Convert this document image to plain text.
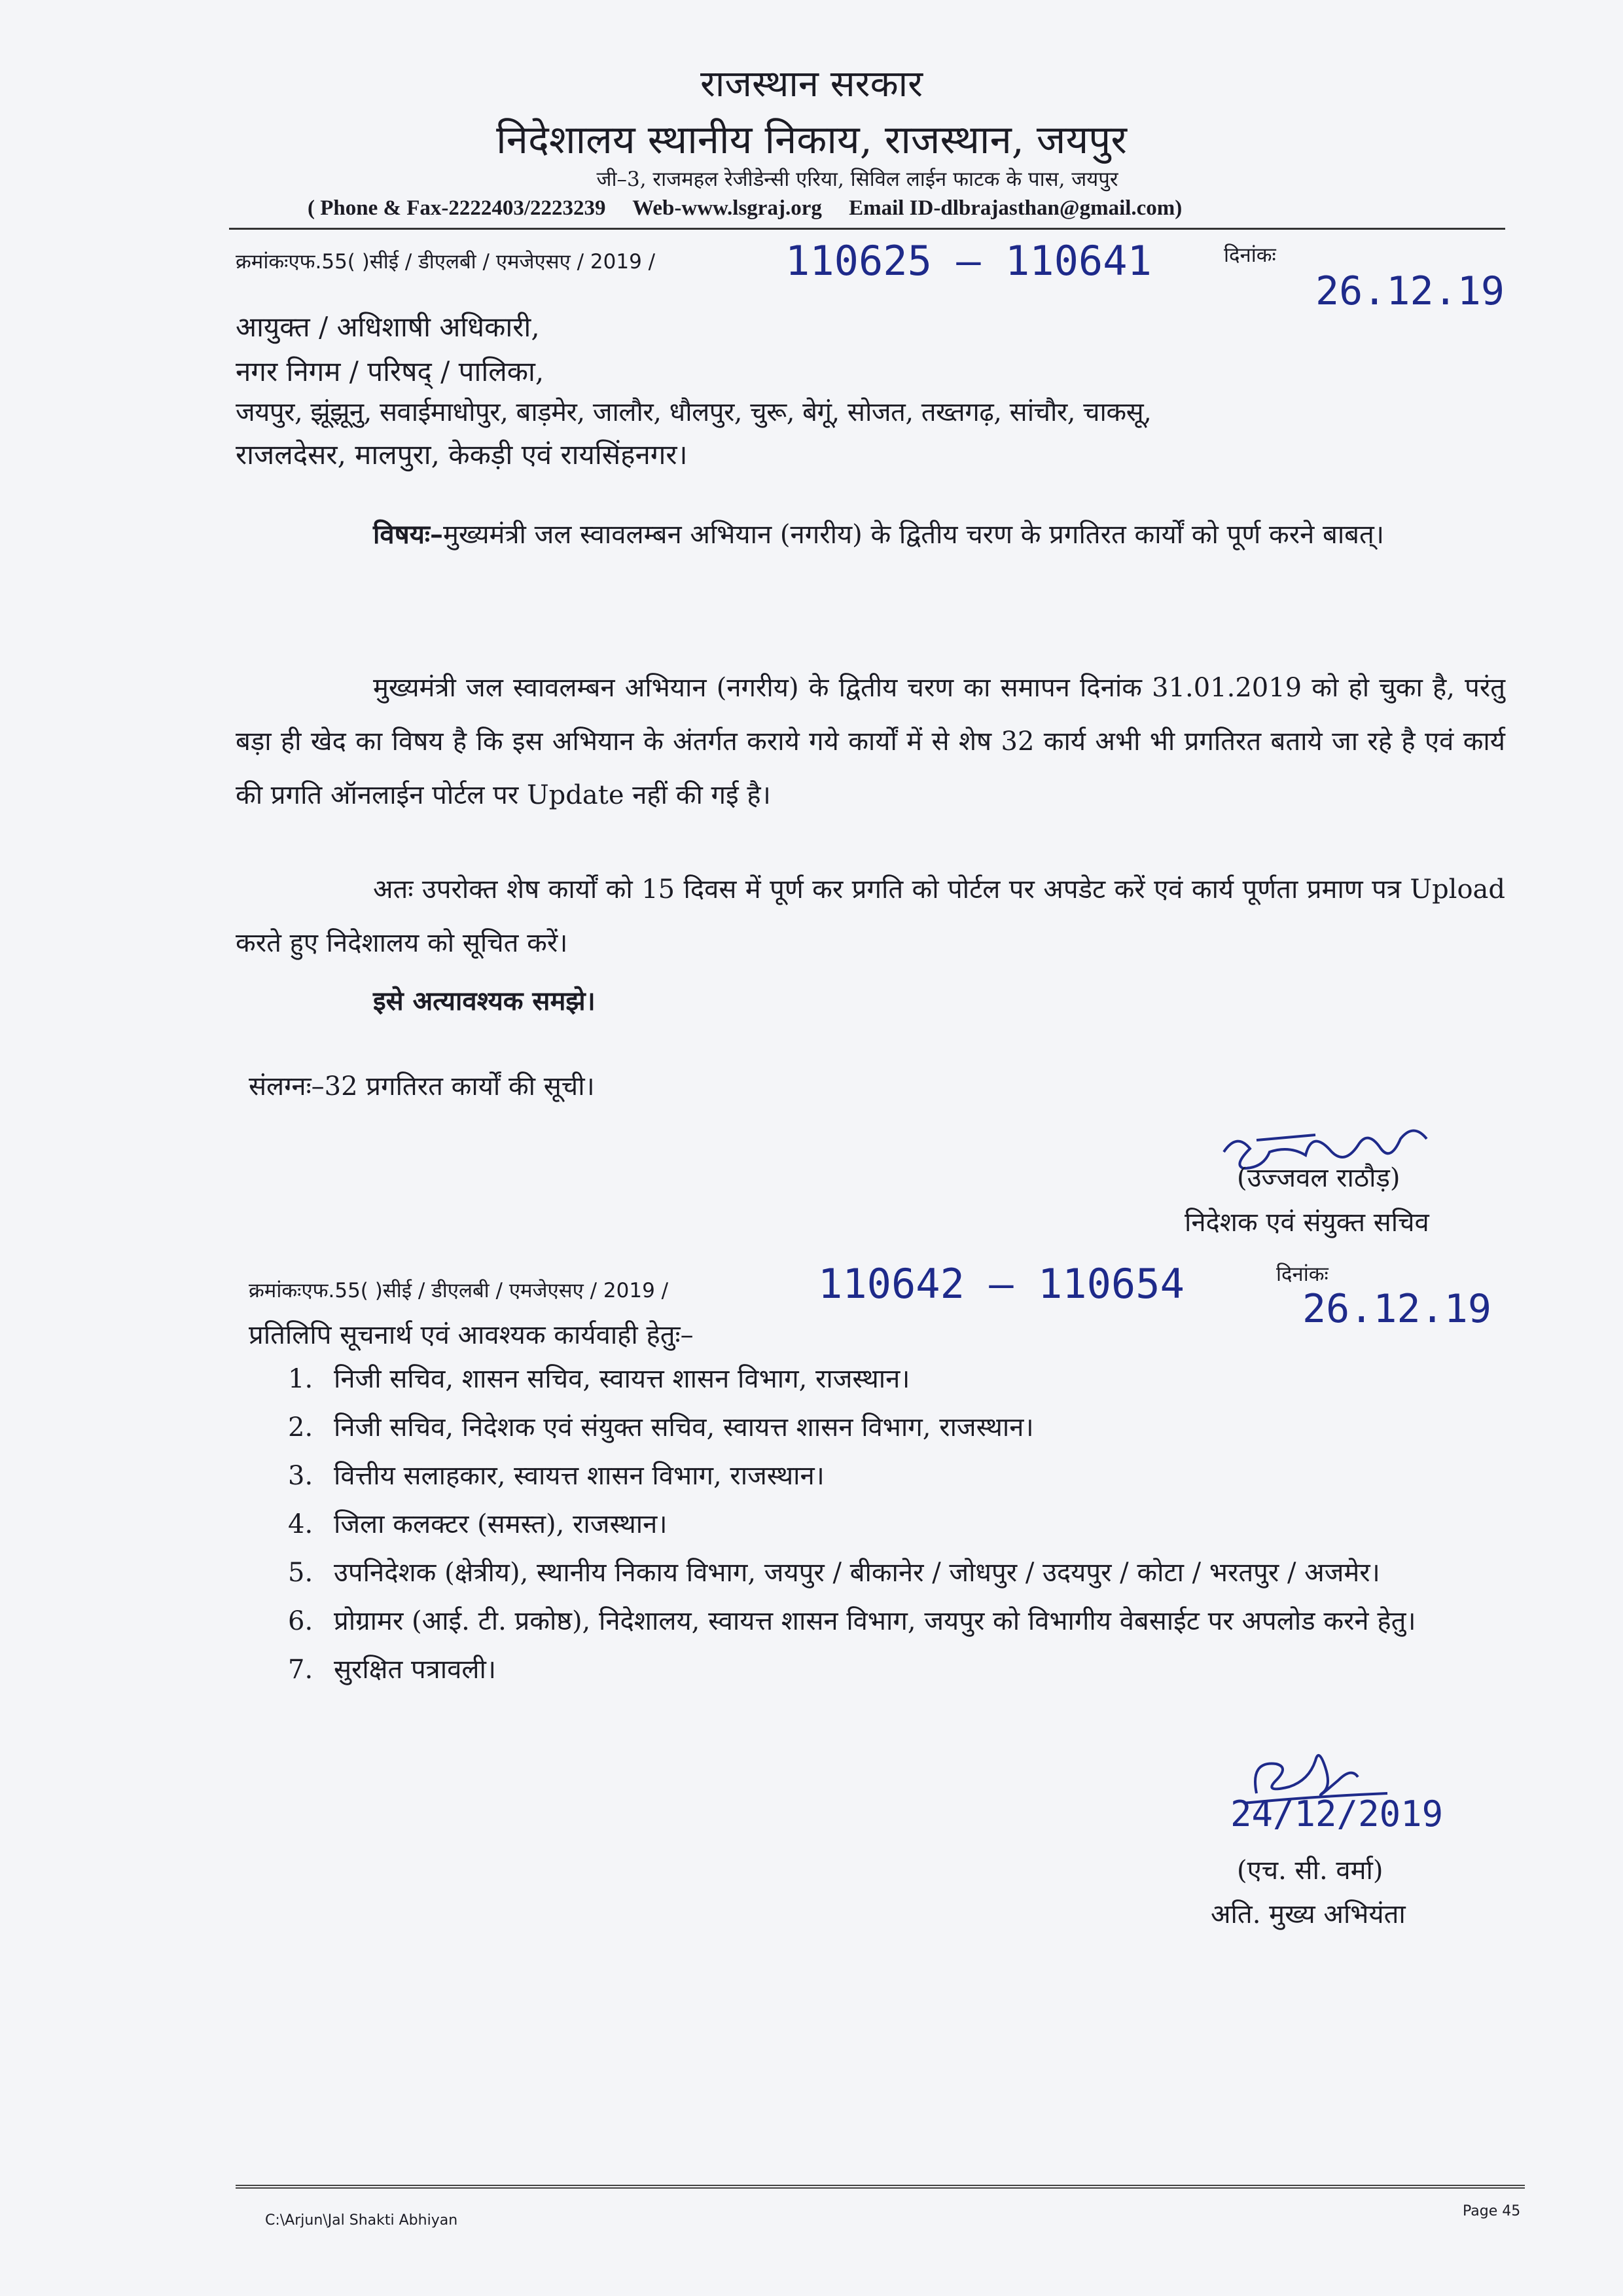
राजस्थान सरकार
निदेशालय स्थानीय निकाय, राजस्थान, जयपुर
जी–3, राजमहल रेजीडेन्सी एरिया, सिविल लाईन फाटक के पास, जयपुर
( Phone & Fax-2222403/2223239     Web-www.lsgraj.org     Email ID-dlbrajasthan@gmail.com)
क्रमांकःएफ.55( )सीई / डीएलबी / एमजेएसए / 2019 /	110625 – 110641	दिनांकः
26.12.19
आयुक्त / अधिशाषी अधिकारी,
नगर निगम / परिषद् / पालिका,
जयपुर, झूंझूनु, सवाईमाधोपुर, बाड़मेर, जालौर, धौलपुर, चुरू, बेगूं, सोजत, तख्तगढ़, सांचौर, चाकसू,
राजलदेसर, मालपुरा, केकड़ी एवं रायसिंहनगर।
विषयः–मुख्यमंत्री जल स्वावलम्बन अभियान (नगरीय) के द्वितीय चरण के प्रगतिरत कार्यों को पूर्ण करने बाबत्।
मुख्यमंत्री जल स्वावलम्बन अभियान (नगरीय) के द्वितीय चरण का समापन दिनांक 31.01.2019 को हो चुका है, परंतु बड़ा ही खेद का विषय है कि इस अभियान के अंतर्गत कराये गये कार्यों में से शेष 32 कार्य अभी भी प्रगतिरत बताये जा रहे है एवं कार्य की प्रगति ऑनलाईन पोर्टल पर Update नहीं की गई है।
अतः उपरोक्त शेष कार्यों को 15 दिवस में पूर्ण कर प्रगति को पोर्टल पर अपडेट करें एवं कार्य पूर्णता प्रमाण पत्र Upload करते हुए निदेशालय को सूचित करें।
इसे अत्यावश्यक समझे।
संलग्नः–32 प्रगतिरत कार्यों की सूची।
(उज्जवल राठौड़)
निदेशक एवं संयुक्त सचिव
क्रमांकःएफ.55( )सीई / डीएलबी / एमजेएसए / 2019 /	110642 – 110654	दिनांकः
26.12.19
प्रतिलिपि सूचनार्थ एवं आवश्यक कार्यवाही हेतुः–
1. निजी सचिव, शासन सचिव, स्वायत्त शासन विभाग, राजस्थान।
2. निजी सचिव, निदेशक एवं संयुक्त सचिव, स्वायत्त शासन विभाग, राजस्थान।
3. वित्तीय सलाहकार, स्वायत्त शासन विभाग, राजस्थान।
4. जिला कलक्टर (समस्त), राजस्थान।
5. उपनिदेशक (क्षेत्रीय), स्थानीय निकाय विभाग, जयपुर / बीकानेर / जोधपुर / उदयपुर / कोटा / भरतपुर / अजमेर।
6. प्रोग्रामर (आई. टी. प्रकोष्ठ), निदेशालय, स्वायत्त शासन विभाग, जयपुर को विभागीय वेबसाईट पर अपलोड करने हेतु।
7. सुरक्षित पत्रावली।
24/12/2019
(एच. सी. वर्मा)
अति. मुख्य अभियंता
C:\Arjun\Jal Shakti Abhiyan
Page 45
